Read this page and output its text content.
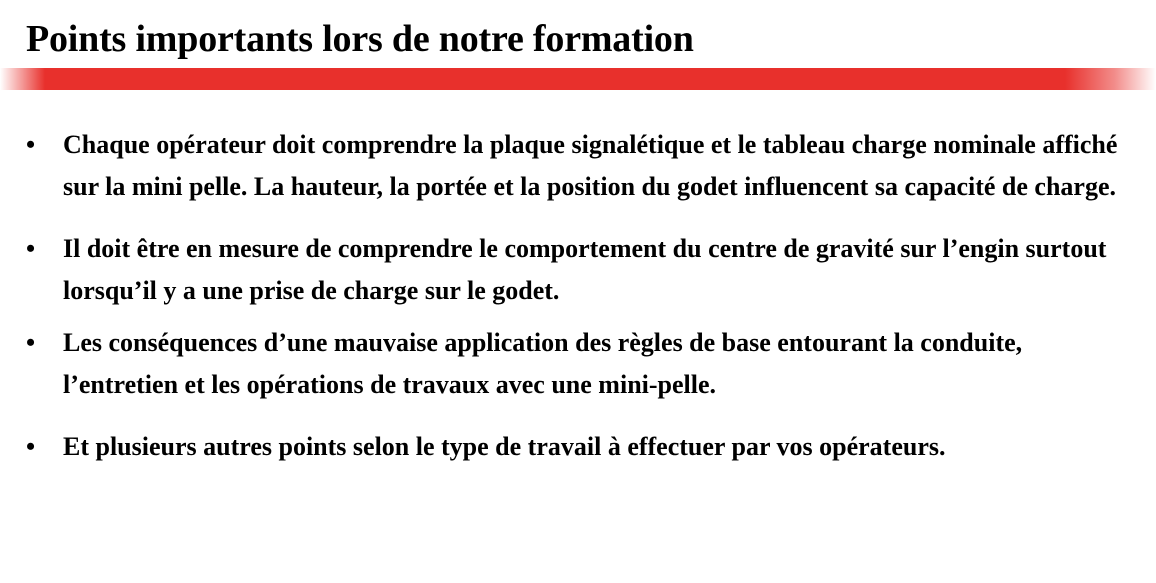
Points importants lors de notre formation
• Chaque opérateur doit comprendre la plaque signalétique et le tableau charge nominale affiché sur la mini pelle. La hauteur, la portée et la position du godet influencent sa capacité de charge.
• Il doit être en mesure de comprendre le comportement du centre de gravité sur l’engin surtout lorsqu’il y a une prise de charge sur le godet.
• Les conséquences d’une mauvaise application des règles de base entourant la conduite, l’entretien et les opérations de travaux avec une mini-pelle.
• Et plusieurs autres points selon le type de travail à effectuer par vos opérateurs.
